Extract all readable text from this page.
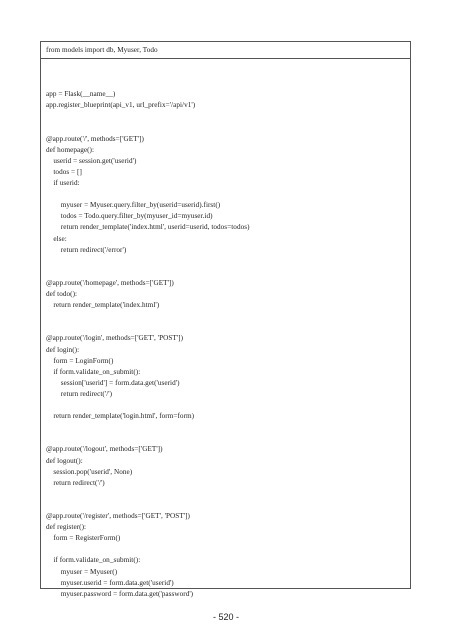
from models import db, Myuser, Todo
app = Flask(__name__)
app.register_blueprint(api_v1, url_prefix='/api/v1')
@app.route('/', methods=['GET'])
def homepage():
userid = session.get('userid')
todos = []
if userid:
myuser = Myuser.query.filter_by(userid=userid).first()
todos = Todo.query.filter_by(myuser_id=myuser.id)
return render_template('index.html', userid=userid, todos=todos)
else:
return redirect('/error')
@app.route('/homepage', methods=['GET'])
def todo():
return render_template('index.html')
@app.route('/login', methods=['GET', 'POST'])
def login():
form = LoginForm()
if form.validate_on_submit():
session['userid'] = form.data.get('userid')
return redirect('/')
return render_template('login.html', form=form)
@app.route('/logout', methods=['GET'])
def logout():
session.pop('userid', None)
return redirect('/')
@app.route('/register', methods=['GET', 'POST'])
def register():
form = RegisterForm()
if form.validate_on_submit():
myuser = Myuser()
myuser.userid = form.data.get('userid')
myuser.password = form.data.get('password')
- 520 -
